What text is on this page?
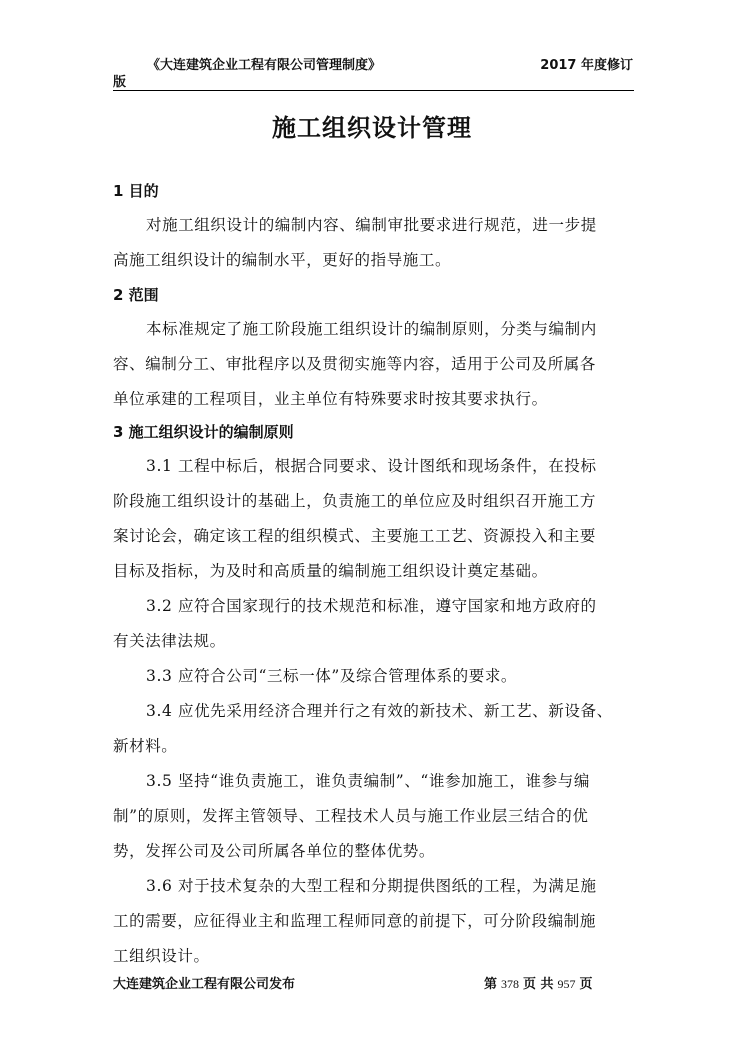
《大连建筑企业工程有限公司管理制度》	2017 年度修订
版
施工组织设计管理
1 目的
对施工组织设计的编制内容、编制审批要求进行规范，进一步提
高施工组织设计的编制水平，更好的指导施工。
2 范围
本标准规定了施工阶段施工组织设计的编制原则，分类与编制内
容、编制分工、审批程序以及贯彻实施等内容，适用于公司及所属各
单位承建的工程项目，业主单位有特殊要求时按其要求执行。
3 施工组织设计的编制原则
3.1 工程中标后，根据合同要求、设计图纸和现场条件，在投标
阶段施工组织设计的基础上，负责施工的单位应及时组织召开施工方
案讨论会，确定该工程的组织模式、主要施工工艺、资源投入和主要
目标及指标，为及时和高质量的编制施工组织设计奠定基础。
3.2 应符合国家现行的技术规范和标准，遵守国家和地方政府的
有关法律法规。
3.3 应符合公司“三标一体”及综合管理体系的要求。
3.4 应优先采用经济合理并行之有效的新技术、新工艺、新设备、
新材料。
3.5 坚持“谁负责施工，谁负责编制”、“谁参加施工，谁参与编
制”的原则，发挥主管领导、工程技术人员与施工作业层三结合的优
势，发挥公司及公司所属各单位的整体优势。
3.6 对于技术复杂的大型工程和分期提供图纸的工程，为满足施
工的需要，应征得业主和监理工程师同意的前提下，可分阶段编制施
工组织设计。
大连建筑企业工程有限公司发布	第 378 页 共 957 页
